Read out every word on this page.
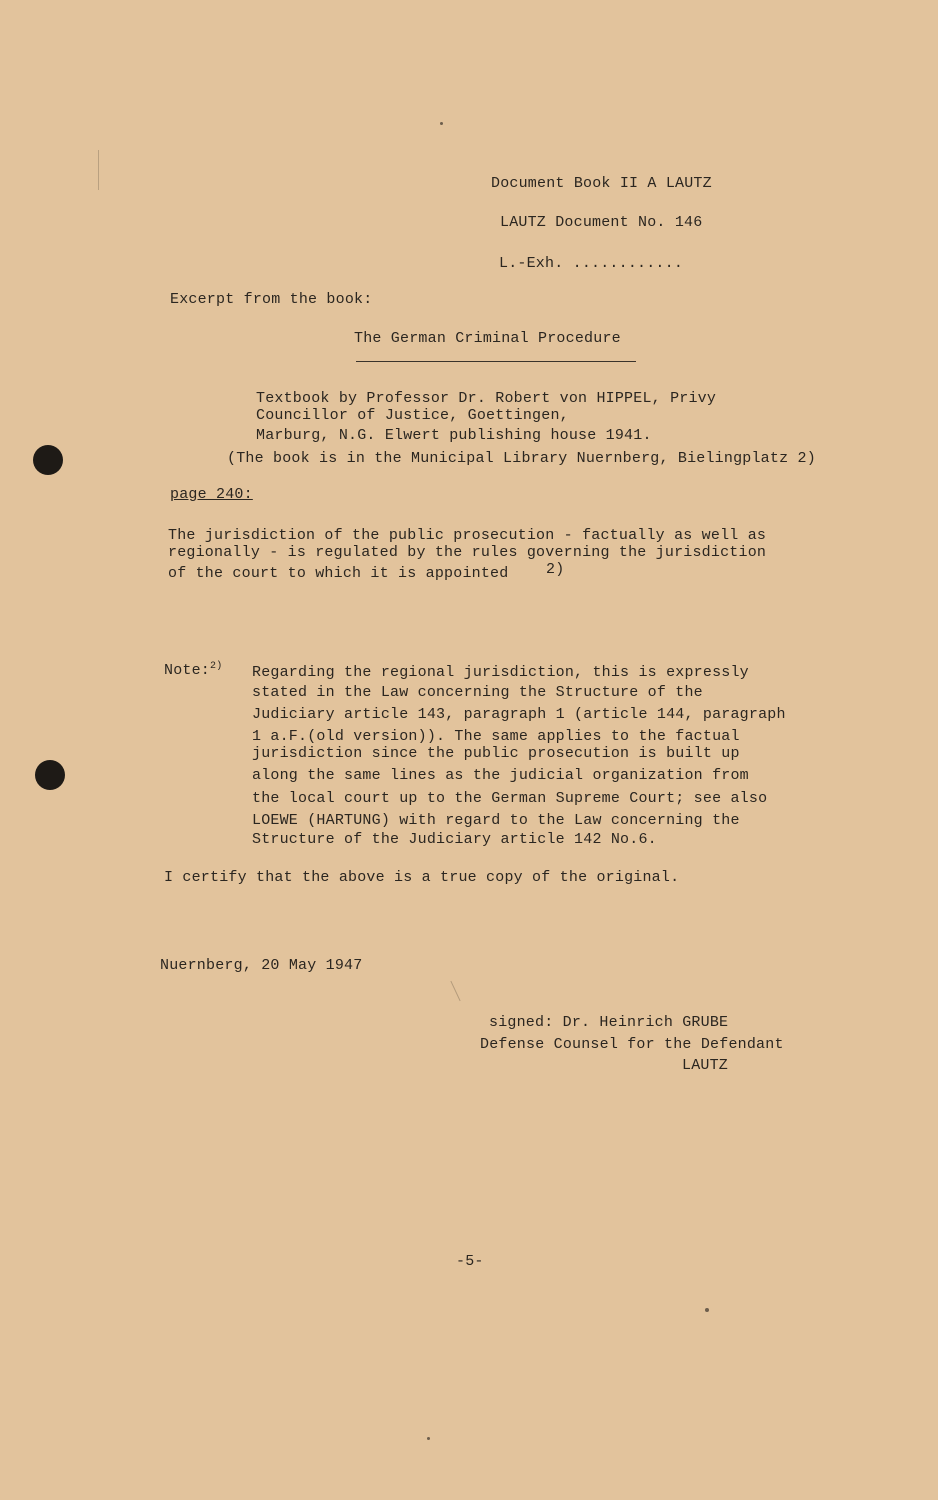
Document Book II A LAUTZ
LAUTZ Document No. 146
L.-Exh. ............
Excerpt from the book:
The German Criminal Procedure
Textbook by Professor Dr. Robert von HIPPEL, Privy
Councillor of Justice, Goettingen,
Marburg, N.G. Elwert publishing house 1941.
(The book is in the Municipal Library Nuernberg, Bielingplatz 2)
page 240:
The jurisdiction of the public prosecution - factually as well as
regionally - is regulated by the rules governing the jurisdiction
of the court to which it is appointed	2)
Note:$^{2)}$ Regarding the regional jurisdiction, this is expressly
stated in the Law concerning the Structure of the
Judiciary article 143, paragraph 1 (article 144, paragraph
1 a.F.(old version)). The same applies to the factual
jurisdiction since the public prosecution is built up
along the same lines as the judicial organization from
the local court up to the German Supreme Court; see also
LOEWE (HARTUNG) with regard to the Law concerning the
Structure of the Judiciary article 142 No.6.
I certify that the above is a true copy of the original.
Nuernberg, 20 May 1947
signed: Dr. Heinrich GRUBE
Defense Counsel for the Defendant
LAUTZ
-5-
